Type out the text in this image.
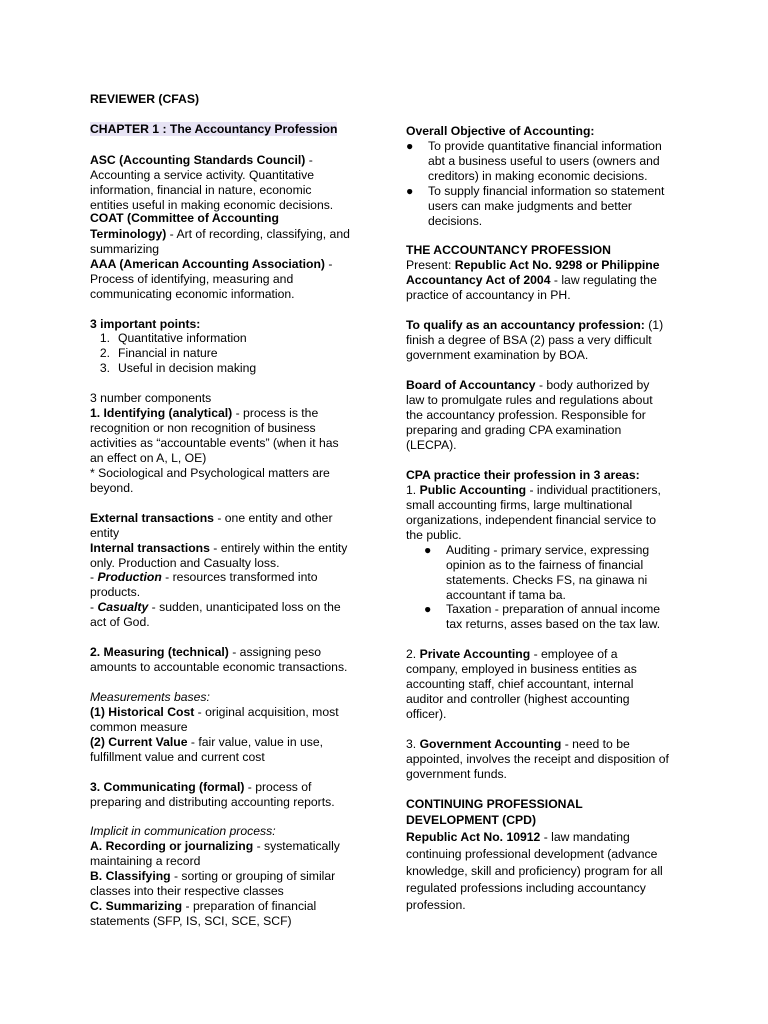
REVIEWER (CFAS)
CHAPTER 1 : The Accountancy Profession
ASC (Accounting Standards Council) -
Accounting a service activity. Quantitative
information, financial in nature, economic
entities useful in making economic decisions.
COAT (Committee of Accounting
Terminology) - Art of recording, classifying, and
summarizing
AAA (American Accounting Association) -
Process of identifying, measuring and
communicating economic information.
3 important points:
1. Quantitative information
2. Financial in nature
3. Useful in decision making
3 number components
1. Identifying (analytical) - process is the
recognition or non recognition of business
activities as “accountable events” (when it has
an effect on A, L, OE)
* Sociological and Psychological matters are
beyond.
External transactions - one entity and other
entity
Internal transactions - entirely within the entity
only. Production and Casualty loss.
- Production - resources transformed into
products.
- Casualty - sudden, unanticipated loss on the
act of God.
2. Measuring (technical) - assigning peso
amounts to accountable economic transactions.
Measurements bases:
(1) Historical Cost - original acquisition, most
common measure
(2) Current Value - fair value, value in use,
fulfillment value and current cost
3. Communicating (formal) - process of
preparing and distributing accounting reports.
Implicit in communication process:
A. Recording or journalizing - systematically
maintaining a record
B. Classifying - sorting or grouping of similar
classes into their respective classes
C. Summarizing - preparation of financial
statements (SFP, IS, SCI, SCE, SCF)
Overall Objective of Accounting:
● To provide quantitative financial information
abt a business useful to users (owners and
creditors) in making economic decisions.
● To supply financial information so statement
users can make judgments and better
decisions.
THE ACCOUNTANCY PROFESSION
Present: Republic Act No. 9298 or Philippine
Accountancy Act of 2004 - law regulating the
practice of accountancy in PH.
To qualify as an accountancy profession: (1)
finish a degree of BSA (2) pass a very difficult
government examination by BOA.
Board of Accountancy - body authorized by
law to promulgate rules and regulations about
the accountancy profession. Responsible for
preparing and grading CPA examination
(LECPA).
CPA practice their profession in 3 areas:
1. Public Accounting - individual practitioners,
small accounting firms, large multinational
organizations, independent financial service to
the public.
● Auditing - primary service, expressing
opinion as to the fairness of financial
statements. Checks FS, na ginawa ni
accountant if tama ba.
● Taxation - preparation of annual income
tax returns, asses based on the tax law.
2. Private Accounting - employee of a
company, employed in business entities as
accounting staff, chief accountant, internal
auditor and controller (highest accounting
officer).
3. Government Accounting - need to be
appointed, involves the receipt and disposition of
government funds.
CONTINUING PROFESSIONAL
DEVELOPMENT (CPD)
Republic Act No. 10912 - law mandating
continuing professional development (advance
knowledge, skill and proficiency) program for all
regulated professions including accountancy
profession.
